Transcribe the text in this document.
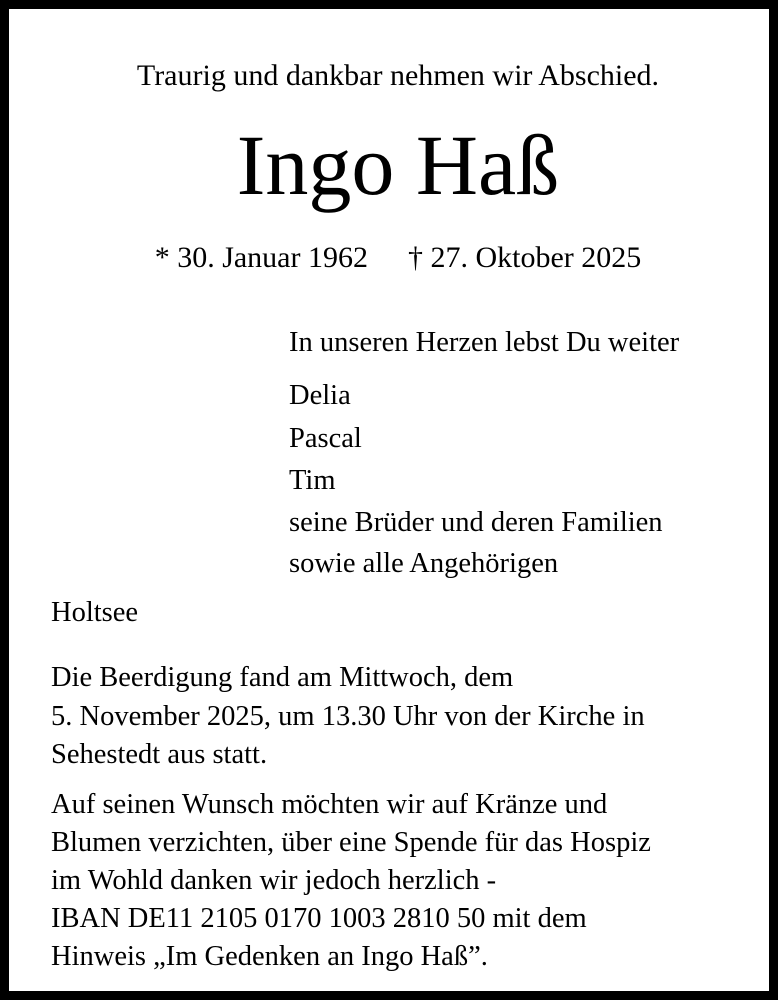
Traurig und dankbar nehmen wir Abschied.
Ingo Haß
* 30. Januar 1962 † 27. Oktober 2025
In unseren Herzen lebst Du weiter
Delia
Pascal
Tim
seine Brüder und deren Familien
sowie alle Angehörigen
Holtsee
Die Beerdigung fand am Mittwoch, dem
5. November 2025, um 13.30 Uhr von der Kirche in
Sehestedt aus statt.
Auf seinen Wunsch möchten wir auf Kränze und
Blumen verzichten, über eine Spende für das Hospiz
im Wohld danken wir jedoch herzlich -
IBAN DE11 2105 0170 1003 2810 50 mit dem
Hinweis „Im Gedenken an Ingo Haß”.
